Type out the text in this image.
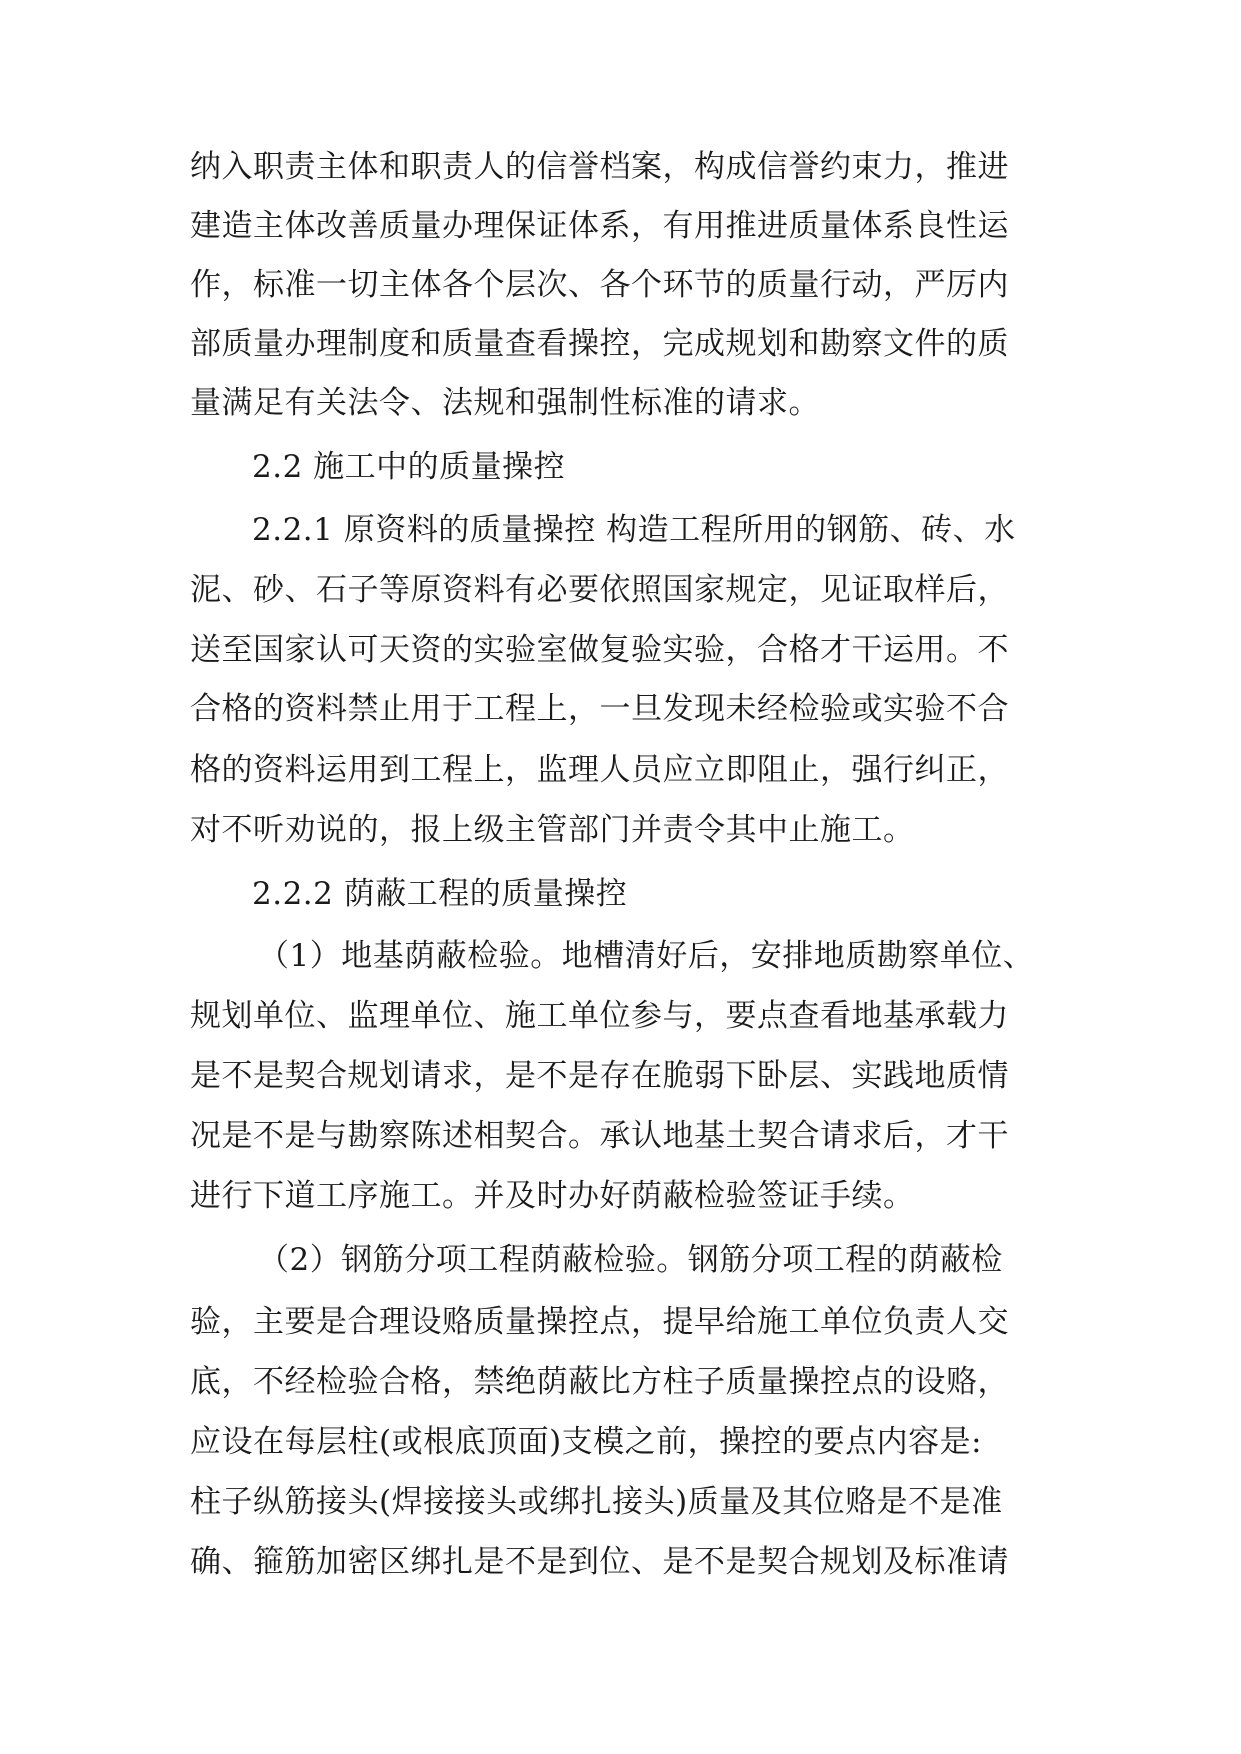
纳入职责主体和职责人的信誉档案，构成信誉约束力，推进
建造主体改善质量办理保证体系，有用推进质量体系良性运
作，标准一切主体各个层次、各个环节的质量行动，严厉内
部质量办理制度和质量查看操控，完成规划和勘察文件的质
量满足有关法令、法规和强制性标准的请求。
2.2 施工中的质量操控
2.2.1 原资料的质量操控 构造工程所用的钢筋、砖、水
泥、砂、石子等原资料有必要依照国家规定，见证取样后，
送至国家认可天资的实验室做复验实验，合格才干运用。不
合格的资料禁止用于工程上，一旦发现未经检验或实验不合
格的资料运用到工程上，监理人员应立即阻止，强行纠正，
对不听劝说的，报上级主管部门并责令其中止施工。
2.2.2 荫蔽工程的质量操控
（1）地基荫蔽检验。地槽清好后，安排地质勘察单位、
规划单位、监理单位、施工单位参与，要点查看地基承载力
是不是契合规划请求，是不是存在脆弱下卧层、实践地质情
况是不是与勘察陈述相契合。承认地基土契合请求后，才干
进行下道工序施工。并及时办好荫蔽检验签证手续。
（2）钢筋分项工程荫蔽检验。钢筋分项工程的荫蔽检
验，主要是合理设赂质量操控点，提早给施工单位负责人交
底，不经检验合格，禁绝荫蔽比方柱子质量操控点的设赂，
应设在每层柱(或根底顶面)支模之前，操控的要点内容是:
柱子纵筋接头(焊接接头或绑扎接头)质量及其位赂是不是准
确、箍筋加密区绑扎是不是到位、是不是契合规划及标准请
